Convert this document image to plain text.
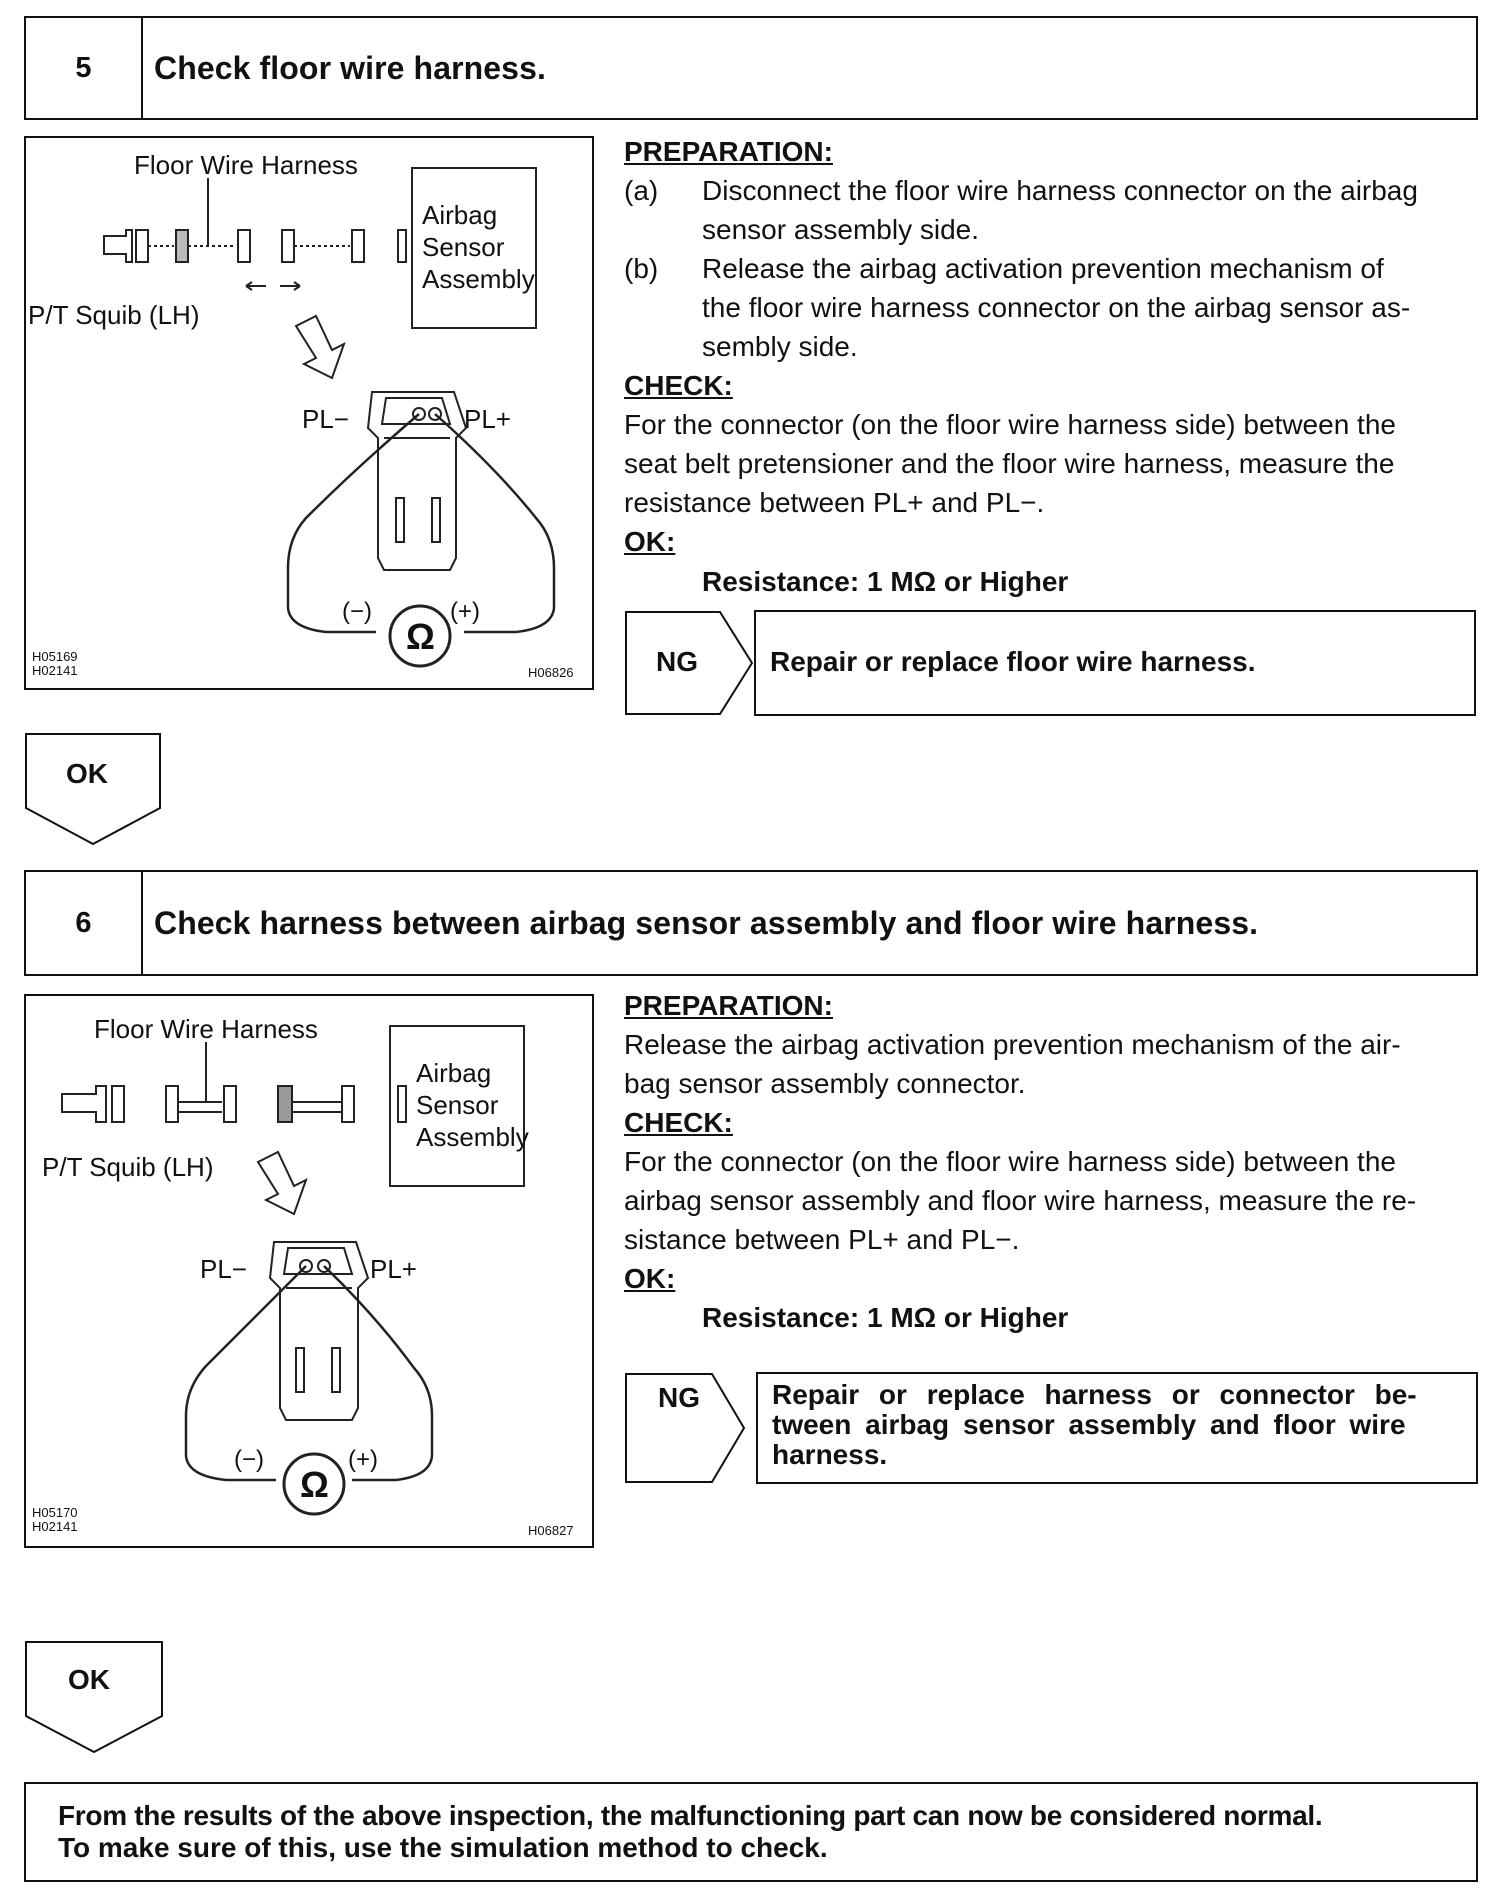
5	Check floor wire harness.
Floor Wire Harness
Airbag
Sensor
Assembly
P/T Squib (LH)
PL−	PL+
(−)	(+)
Ω
H05169
H02141	H06826
PREPARATION:
(a) Disconnect the floor wire harness connector on the airbag
sensor assembly side.
(b) Release the airbag activation prevention mechanism of
the floor wire harness connector on the airbag sensor as-
sembly side.
CHECK:
For the connector (on the floor wire harness side) between the
seat belt pretensioner and the floor wire harness, measure the
resistance between PL+ and PL−.
OK:
Resistance: 1 MΩ or Higher
NG	Repair or replace floor wire harness.
OK
6	Check harness between airbag sensor assembly and floor wire harness.
Floor Wire Harness
Airbag
Sensor
Assembly
P/T Squib (LH)
PL−	PL+
(−)	(+)
Ω
H05170
H02141	H06827
PREPARATION:
Release the airbag activation prevention mechanism of the air-
bag sensor assembly connector.
CHECK:
For the connector (on the floor wire harness side) between the
airbag sensor assembly and floor wire harness, measure the re-
sistance between PL+ and PL−.
OK:
Resistance: 1 MΩ or Higher
NG	Repair or replace harness or connector be-
tween airbag sensor assembly and floor wire
harness.
OK
From the results of the above inspection, the malfunctioning part can now be considered normal.
To make sure of this, use the simulation method to check.
